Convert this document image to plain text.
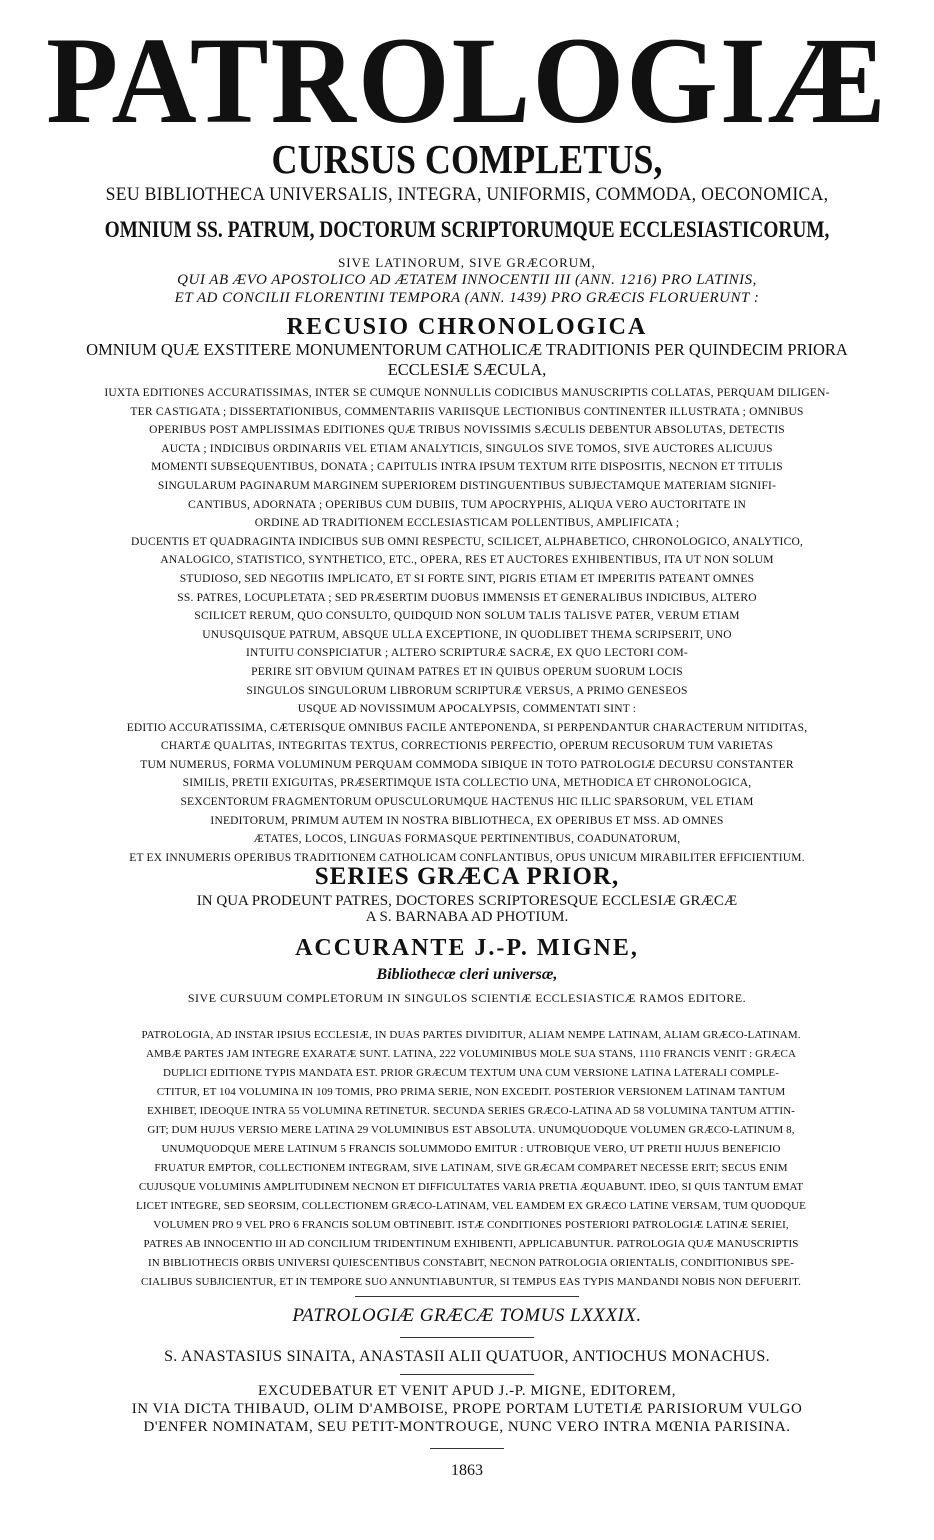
PATROLOGIÆ
CURSUS COMPLETUS,
SEU BIBLIOTHECA UNIVERSALIS, INTEGRA, UNIFORMIS, COMMODA, OECONOMICA,
OMNIUM SS. PATRUM, DOCTORUM SCRIPTORUMQUE ECCLESIASTICORUM,
SIVE LATINORUM, SIVE GRÆCORUM,
QUI AB ÆVO APOSTOLICO AD ÆTATEM INNOCENTII III (ANN. 1216) PRO LATINIS,
ET AD CONCILII FLORENTINI TEMPORA (ANN. 1439) PRO GRÆCIS FLORUERUNT :
RECUSIO CHRONOLOGICA
OMNIUM QUÆ EXSTITERE MONUMENTORUM CATHOLICÆ TRADITIONIS PER QUINDECIM PRIORA
ECCLESIÆ SÆCULA,
IUXTA EDITIONES ACCURATISSIMAS, INTER SE CUMQUE NONNULLIS CODICIBUS MANUSCRIPTIS COLLATAS, PERQUAM DILIGEN-
TER CASTIGATA ; DISSERTATIONIBUS, COMMENTARIIS VARIISQUE LECTIONIBUS CONTINENTER ILLUSTRATA ; OMNIBUS
OPERIBUS POST AMPLISSIMAS EDITIONES QUÆ TRIBUS NOVISSIMIS SÆCULIS DEBENTUR ABSOLUTAS, DETECTIS
AUCTA ; INDICIBUS ORDINARIIS VEL ETIAM ANALYTICIS, SINGULOS SIVE TOMOS, SIVE AUCTORES ALICUJUS
MOMENTI SUBSEQUENTIBUS, DONATA ; CAPITULIS INTRA IPSUM TEXTUM RITE DISPOSITIS, NECNON ET TITULIS
SINGULARUM PAGINARUM MARGINEM SUPERIOREM DISTINGUENTIBUS SUBJECTAMQUE MATERIAM SIGNIFI-
CANTIBUS, ADORNATA ; OPERIBUS CUM DUBIIS, TUM APOCRYPHIS, ALIQUA VERO AUCTORITATE IN
ORDINE AD TRADITIONEM ECCLESIASTICAM POLLENTIBUS, AMPLIFICATA ;
DUCENTIS ET QUADRAGINTA INDICIBUS SUB OMNI RESPECTU, SCILICET, ALPHABETICO, CHRONOLOGICO, ANALYTICO,
ANALOGICO, STATISTICO, SYNTHETICO, ETC., OPERA, RES ET AUCTORES EXHIBENTIBUS, ITA UT NON SOLUM
STUDIOSO, SED NEGOTIIS IMPLICATO, ET SI FORTE SINT, PIGRIS ETIAM ET IMPERITIS PATEANT OMNES
SS. PATRES, LOCUPLETATA ; SED PRÆSERTIM DUOBUS IMMENSIS ET GENERALIBUS INDICIBUS, ALTERO
SCILICET RERUM, QUO CONSULTO, QUIDQUID NON SOLUM TALIS TALISVE PATER, VERUM ETIAM
UNUSQUISQUE PATRUM, ABSQUE ULLA EXCEPTIONE, IN QUODLIBET THEMA SCRIPSERIT, UNO
INTUITU CONSPICIATUR ; ALTERO SCRIPTURÆ SACRÆ, EX QUO LECTORI COM-
PERIRE SIT OBVIUM QUINAM PATRES ET IN QUIBUS OPERUM SUORUM LOCIS
SINGULOS SINGULORUM LIBRORUM SCRIPTURÆ VERSUS, A PRIMO GENESEOS
USQUE AD NOVISSIMUM APOCALYPSIS, COMMENTATI SINT :
EDITIO ACCURATISSIMA, CÆTERISQUE OMNIBUS FACILE ANTEPONENDA, SI PERPENDANTUR CHARACTERUM NITIDITAS,
CHARTÆ QUALITAS, INTEGRITAS TEXTUS, CORRECTIONIS PERFECTIO, OPERUM RECUSORUM TUM VARIETAS
TUM NUMERUS, FORMA VOLUMINUM PERQUAM COMMODA SIBIQUE IN TOTO PATROLOGIÆ DECURSU CONSTANTER
SIMILIS, PRETII EXIGUITAS, PRÆSERTIMQUE ISTA COLLECTIO UNA, METHODICA ET CHRONOLOGICA,
SEXCENTORUM FRAGMENTORUM OPUSCULORUMQUE HACTENUS HIC ILLIC SPARSORUM, VEL ETIAM
INEDITORUM, PRIMUM AUTEM IN NOSTRA BIBLIOTHECA, EX OPERIBUS ET MSS. AD OMNES
ÆTATES, LOCOS, LINGUAS FORMASQUE PERTINENTIBUS, COADUNATORUM,
ET EX INNUMERIS OPERIBUS TRADITIONEM CATHOLICAM CONFLANTIBUS, OPUS UNICUM MIRABILITER EFFICIENTIUM.
SERIES GRÆCA PRIOR,
IN QUA PRODEUNT PATRES, DOCTORES SCRIPTORESQUE ECCLESIÆ GRÆCÆ
A S. BARNABA AD PHOTIUM.
ACCURANTE J.-P. MIGNE,
Bibliothecæ cleri universæ,
SIVE CURSUUM COMPLETORUM IN SINGULOS SCIENTIÆ ECCLESIASTICÆ RAMOS EDITORE.
PATROLOGIA, AD INSTAR IPSIUS ECCLESIÆ, IN DUAS PARTES DIVIDITUR, ALIAM NEMPE LATINAM, ALIAM GRÆCO-LATINAM.
AMBÆ PARTES JAM INTEGRE EXARATÆ SUNT. LATINA, 222 VOLUMINIBUS MOLE SUA STANS, 1110 FRANCIS VENIT : GRÆCA
DUPLICI EDITIONE TYPIS MANDATA EST. PRIOR GRÆCUM TEXTUM UNA CUM VERSIONE LATINA LATERALI COMPLE-
CTITUR, ET 104 VOLUMINA IN 109 TOMIS, PRO PRIMA SERIE, NON EXCEDIT. POSTERIOR VERSIONEM LATINAM TANTUM
EXHIBET, IDEOQUE INTRA 55 VOLUMINA RETINETUR. SECUNDA SERIES GRÆCO-LATINA AD 58 VOLUMINA TANTUM ATTIN-
GIT; DUM HUJUS VERSIO MERE LATINA 29 VOLUMINIBUS EST ABSOLUTA. UNUMQUODQUE VOLUMEN GRÆCO-LATINUM 8,
UNUMQUODQUE MERE LATINUM 5 FRANCIS SOLUMMODO EMITUR : UTROBIQUE VERO, UT PRETII HUJUS BENEFICIO
FRUATUR EMPTOR, COLLECTIONEM INTEGRAM, SIVE LATINAM, SIVE GRÆCAM COMPARET NECESSE ERIT; SECUS ENIM
CUJUSQUE VOLUMINIS AMPLITUDINEM NECNON ET DIFFICULTATES VARIA PRETIA ÆQUABUNT. IDEO, SI QUIS TANTUM EMAT
LICET INTEGRE, SED SEORSIM, COLLECTIONEM GRÆCO-LATINAM, VEL EAMDEM EX GRÆCO LATINE VERSAM, TUM QUODQUE
VOLUMEN PRO 9 VEL PRO 6 FRANCIS SOLUM OBTINEBIT. ISTÆ CONDITIONES POSTERIORI PATROLOGIÆ LATINÆ SERIEI,
PATRES AB INNOCENTIO III AD CONCILIUM TRIDENTINUM EXHIBENTI, APPLICABUNTUR. PATROLOGIA QUÆ MANUSCRIPTIS
IN BIBLIOTHECIS ORBIS UNIVERSI QUIESCENTIBUS CONSTABIT, NECNON PATROLOGIA ORIENTALIS, CONDITIONIBUS SPE-
CIALIBUS SUBJICIENTUR, ET IN TEMPORE SUO ANNUNTIABUNTUR, SI TEMPUS EAS TYPIS MANDANDI NOBIS NON DEFUERIT.
PATROLOGIÆ GRÆCÆ TOMUS LXXXIX.
S. ANASTASIUS SINAITA, ANASTASII ALII QUATUOR, ANTIOCHUS MONACHUS.
EXCUDEBATUR ET VENIT APUD J.-P. MIGNE, EDITOREM,
IN VIA DICTA THIBAUD, OLIM D'AMBOISE, PROPE PORTAM LUTETIÆ PARISIORUM VULGO
D'ENFER NOMINATAM, SEU PETIT-MONTROUGE, NUNC VERO INTRA MŒNIA PARISINA.
1863
